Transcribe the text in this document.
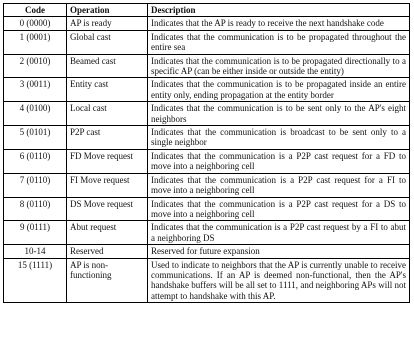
Code	Operation	Description
0 (0000)	AP is ready	Indicates that the AP is ready to receive the next handshake code
1 (0001)	Global cast	Indicates that the communication is to be propagated throughout the entire sea
2 (0010)	Beamed cast	Indicates that the communication is to be propagated directionally to a specific AP (can be either inside or outside the entity)
3 (0011)	Entity cast	Indicates that the communication is to be propagated inside an entire entity only, ending propagation at the entity border
4 (0100)	Local cast	Indicates that the communication is to be sent only to the AP's eight neighbors
5 (0101)	P2P cast	Indicates that the communication is broadcast to be sent only to a single neighbor
6 (0110)	FD Move request	Indicates that the communication is a P2P cast request for a FD to move into a neighboring cell
7 (0110)	FI Move request	Indicates that the communication is a P2P cast request for a FI to move into a neighboring cell
8 (0110)	DS Move request	Indicates that the communication is a P2P cast request for a DS to move into a neighboring cell
9 (0111)	Abut request	Indicates that the communication is a P2P cast request by a FI to abut a neighboring DS
10-14	Reserved	Reserved for future expansion
15 (1111)	AP is non-functioning	Used to indicate to neighbors that the AP is currently unable to receive communications. If an AP is deemed non-functional, then the AP's handshake buffers will be all set to 1111, and neighboring APs will not attempt to handshake with this AP.
